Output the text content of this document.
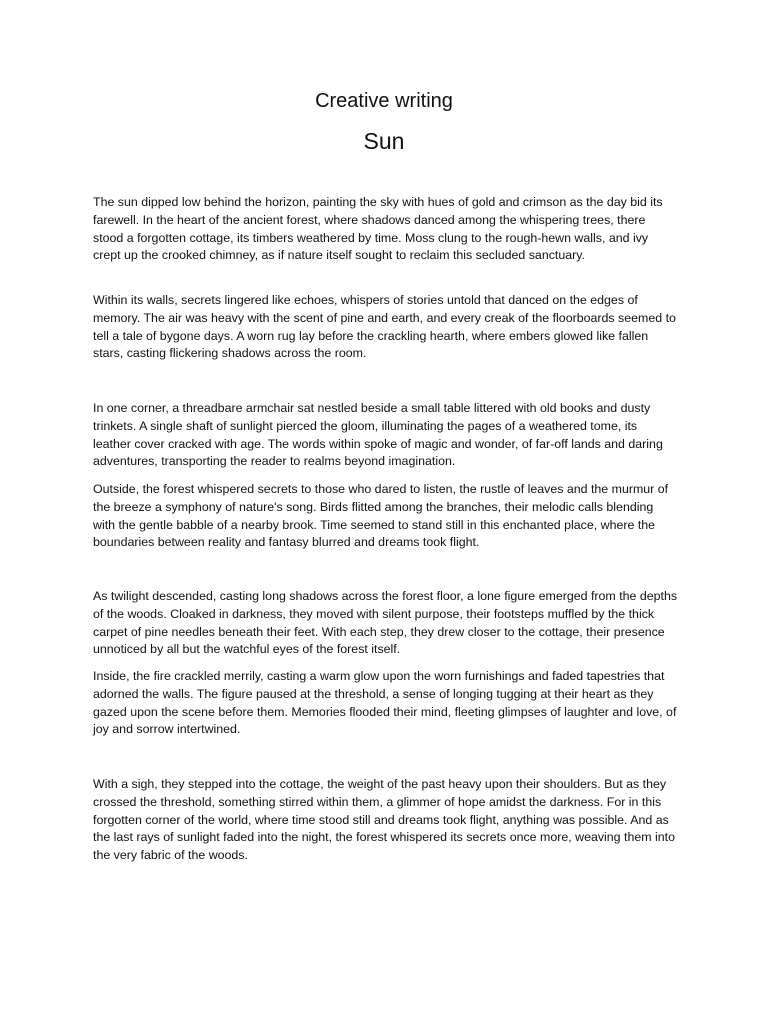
Creative writing
Sun

The sun dipped low behind the horizon, painting the sky with hues of gold and crimson as the day bid its farewell. In the heart of the ancient forest, where shadows danced among the whispering trees, there stood a forgotten cottage, its timbers weathered by time. Moss clung to the rough-hewn walls, and ivy crept up the crooked chimney, as if nature itself sought to reclaim this secluded sanctuary.

Within its walls, secrets lingered like echoes, whispers of stories untold that danced on the edges of memory. The air was heavy with the scent of pine and earth, and every creak of the floorboards seemed to tell a tale of bygone days. A worn rug lay before the crackling hearth, where embers glowed like fallen stars, casting flickering shadows across the room.

In one corner, a threadbare armchair sat nestled beside a small table littered with old books and dusty trinkets. A single shaft of sunlight pierced the gloom, illuminating the pages of a weathered tome, its leather cover cracked with age. The words within spoke of magic and wonder, of far-off lands and daring adventures, transporting the reader to realms beyond imagination.

Outside, the forest whispered secrets to those who dared to listen, the rustle of leaves and the murmur of the breeze a symphony of nature's song. Birds flitted among the branches, their melodic calls blending with the gentle babble of a nearby brook. Time seemed to stand still in this enchanted place, where the boundaries between reality and fantasy blurred and dreams took flight.

As twilight descended, casting long shadows across the forest floor, a lone figure emerged from the depths of the woods. Cloaked in darkness, they moved with silent purpose, their footsteps muffled by the thick carpet of pine needles beneath their feet. With each step, they drew closer to the cottage, their presence unnoticed by all but the watchful eyes of the forest itself.

Inside, the fire crackled merrily, casting a warm glow upon the worn furnishings and faded tapestries that adorned the walls. The figure paused at the threshold, a sense of longing tugging at their heart as they gazed upon the scene before them. Memories flooded their mind, fleeting glimpses of laughter and love, of joy and sorrow intertwined.

With a sigh, they stepped into the cottage, the weight of the past heavy upon their shoulders. But as they crossed the threshold, something stirred within them, a glimmer of hope amidst the darkness. For in this forgotten corner of the world, where time stood still and dreams took flight, anything was possible. And as the last rays of sunlight faded into the night, the forest whispered its secrets once more, weaving them into the very fabric of the woods.
